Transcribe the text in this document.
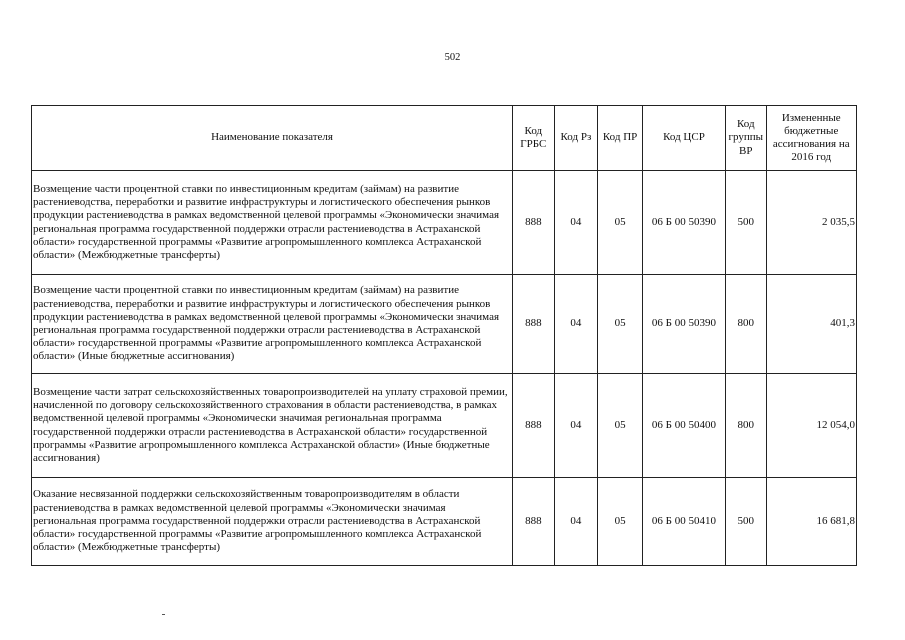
502
Наименование показателя	Код ГРБС	Код Рз	Код ПР	Код ЦСР	Код группы ВР	Измененные бюджетные ассигнования на 2016 год
Возмещение части процентной ставки по инвестиционным кредитам (займам) на развитие растениеводства, переработки и развитие инфраструктуры и логистического обеспечения рынков продукции растениеводства в рамках ведомственной целевой программы «Экономически значимая региональная программа государственной поддержки отрасли растениеводства в Астраханской области» государственной программы «Развитие агропромышленного комплекса Астраханской области» (Межбюджетные трансферты)	888	04	05	06 Б 00 50390	500	2 035,5
Возмещение части процентной ставки по инвестиционным кредитам (займам) на развитие растениеводства, переработки и развитие инфраструктуры и логистического обеспечения рынков продукции растениеводства в рамках ведомственной целевой программы «Экономически значимая региональная программа государственной поддержки отрасли растениеводства в Астраханской области» государственной программы «Развитие агропромышленного комплекса Астраханской области» (Иные бюджетные ассигнования)	888	04	05	06 Б 00 50390	800	401,3
Возмещение части затрат сельскохозяйственных товаропроизводителей на уплату страховой премии, начисленной по договору сельскохозяйственного страхования в области растениеводства, в рамках ведомственной целевой программы «Экономически значимая региональная программа государственной поддержки отрасли растениеводства в Астраханской области» государственной программы «Развитие агропромышленного комплекса Астраханской области» (Иные бюджетные ассигнования)	888	04	05	06 Б 00 50400	800	12 054,0
Оказание несвязанной поддержки сельскохозяйственным товаропроизводителям в области растениеводства в рамках ведомственной целевой программы «Экономически значимая региональная программа государственной поддержки отрасли растениеводства в Астраханской области» государственной программы «Развитие агропромышленного комплекса Астраханской области» (Межбюджетные трансферты)	888	04	05	06 Б 00 50410	500	16 681,8
